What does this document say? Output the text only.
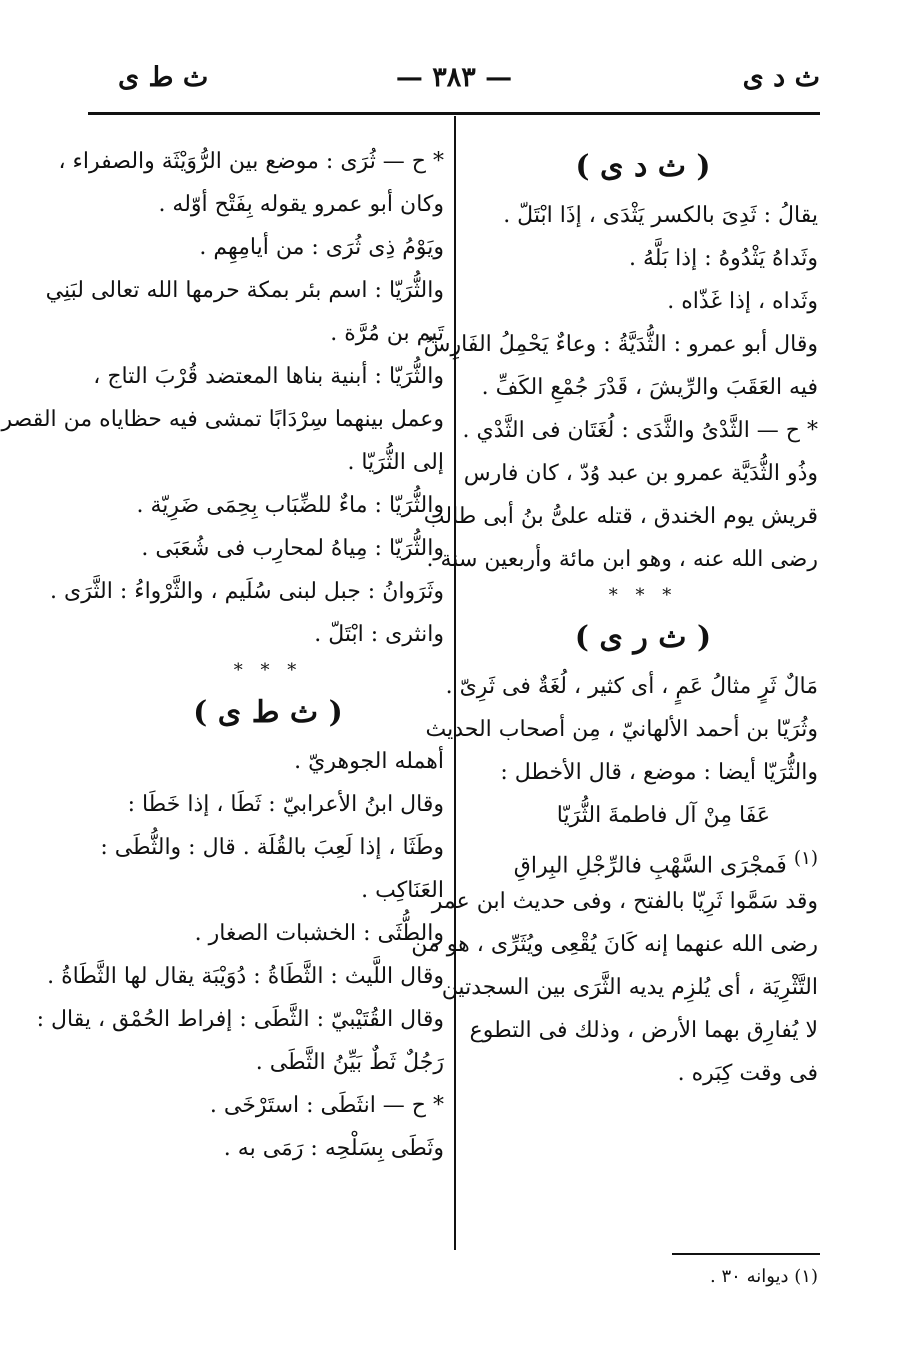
ث د ى
— ٣٨٣ —
ث ط ى
( ث د ى )
يقالُ : ثَدِىَ بالكسر يَثْدَى ، إذَا ابْتَلّ .
وثَداهُ يَثْدُوهُ : إذا بَلَّهُ .
وثَداه ، إذا غَذّاه .
وقال أبو عمرو : الثُّدَيَّةُ : وعاءٌ يَحْمِلُ الفَارِسُ
فيه العَقَبَ والرِّيشَ ، قَدْرَ جُمْعِ الكَفِّ .
* ح — الثَّدْىُ والثَّدَى : لُغَتَان فى الثَّدْي .
وذُو الثُّدَيَّة عمرو بن عبد وُدّ ، كان فارس
قريش يوم الخندق ، قتله علىُّ بنُ أبى طالب
رضى الله عنه ، وهو ابن مائة وأربعين سنة .
* * *
( ث ر ى )
مَالٌ ثَرٍ مثالُ عَمٍ ، أى كثير ، لُغَةٌ فى ثَرِىّ .
وثُرَيّا بن أحمد الألهانيّ ، مِن أصحاب الحديث
والثُّرَيّا أيضا : موضع ، قال الأخطل :
عَفَا مِنْ آل فاطمةَ الثُّرَيّا
$^{(١)}$ فَمجْرَى السَّهْبِ فالرِّجْلِ البِراقِ
وقد سَمَّوا ثَرِيّا بالفتح ، وفى حديث ابن عمر
رضى الله عنهما إنه كَانَ يُقْعِى ويُثَرِّى ، هو من
التَّثْرِيَة ، أى يُلزِم يديه الثَّرَى بين السجدتين
لا يُفارِق بهما الأرض ، وذلك فى التطوع
فى وقت كِبَره .
* ح — ثُرَى : موضع بين الرُّوَيْثَة والصفراء ،
وكان أبو عمرو يقوله بِفَتْح أوّله .
ويَوْمُ ذِى ثُرَى : من أيامِهِم .
والثُّرَيّا : اسم بئر بمكة حرمها الله تعالى لبَنِي
تَيم بن مُرَّة .
والثُّرَيّا : أبنية بناها المعتضد قُرْبَ التاج ،
وعمل بينهما سِرْدَابًا تمشى فيه حظاياه من القصر
إلى الثُّرَيّا .
والثُّرَيّا : ماءٌ للضِّبَاب بِحِمَى ضَرِيّة .
والثُّرَيّا : مِياهُ لمحارِب فى شُعَبَى .
وثَرَوانُ : جبل لبنى سُلَيم ، والثَّرْواءُ : الثَّرَى .
وانثرى : ابْتَلّ .
* * *
( ث ط ى )
أهمله الجوهريّ .
وقال ابنُ الأعرابيّ : ثَطَا ، إذا خَطَا :
وطَثَا ، إذا لَعِبَ بالقُلَة . قال : والثُّطَى :
العَنَاكِب .
والطُّثَى : الخشبات الصغار .
وقال اللَّيث : الثَّطَاةُ : دُوَيْبَة يقال لها الثَّطَاةُ .
وقال القُتَيْبيّ : الثَّطَى : إفراط الحُمْق ، يقال :
رَجُلٌ ثَطٌ بَيِّنُ الثَّطَى .
* ح — انثَطَى : استَرْخَى .
وثَطَى بِسَلْحِه : رَمَى به .
(١) ديوانه ٣٠ .
